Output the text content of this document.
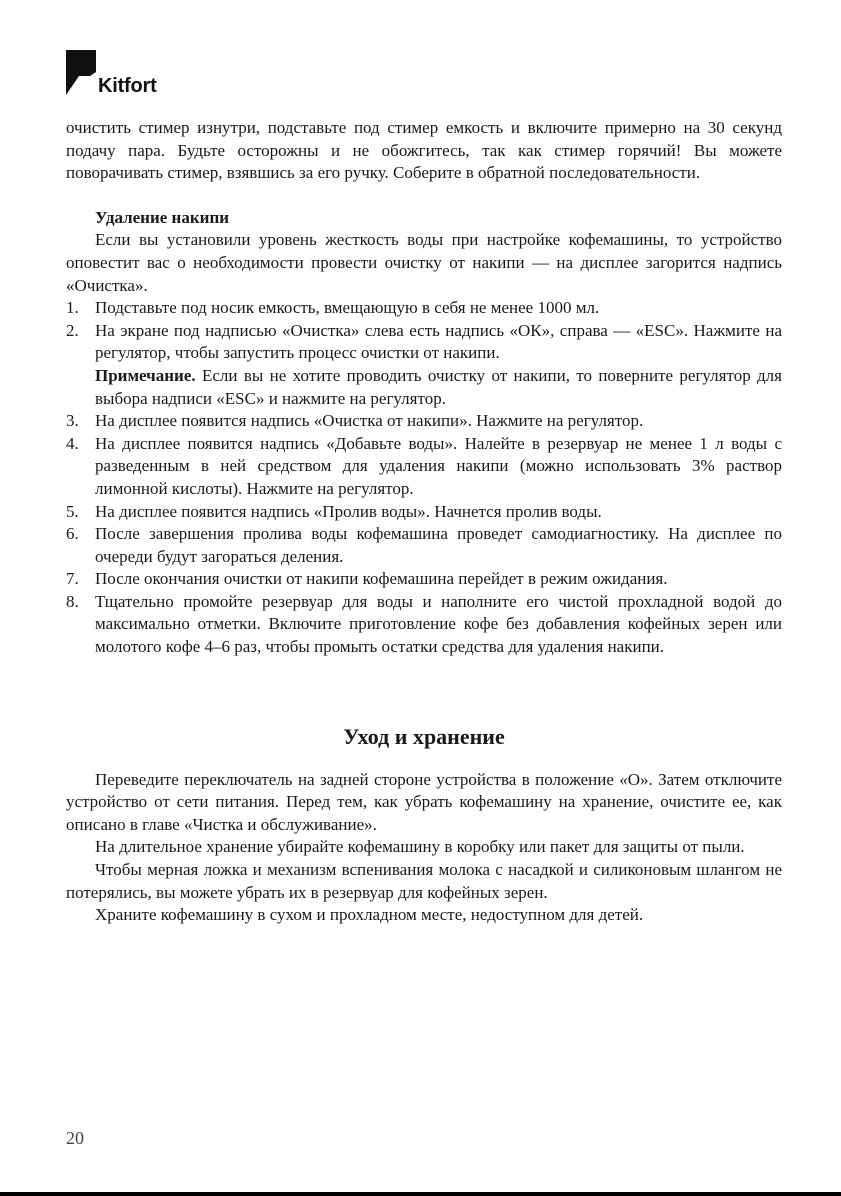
Kitfort

очистить стимер изнутри, подставьте под стимер емкость и включите примерно на 30 секунд подачу пара. Будьте осторожны и не обожгитесь, так как стимер горячий! Вы можете поворачивать стимер, взявшись за его ручку. Соберите в обратной последовательности.

Удаление накипи

Если вы установили уровень жесткость воды при настройке кофемашины, то устройство оповестит вас о необходимости провести очистку от накипи — на дисплее загорится надпись «Очистка».

1. Подставьте под носик емкость, вмещающую в себя не менее 1000 мл.
2. На экране под надписью «Очистка» слева есть надпись «ОК», справа — «ESC». Нажмите на регулятор, чтобы запустить процесс очистки от накипи.
Примечание. Если вы не хотите проводить очистку от накипи, то поверните регулятор для выбора надписи «ESC» и нажмите на регулятор.
3. На дисплее появится надпись «Очистка от накипи». Нажмите на регулятор.
4. На дисплее появится надпись «Добавьте воды». Налейте в резервуар не менее 1 л воды с разведенным в ней средством для удаления накипи (можно использовать 3% раствор лимонной кислоты). Нажмите на регулятор.
5. На дисплее появится надпись «Пролив воды». Начнется пролив воды.
6. После завершения пролива воды кофемашина проведет самодиагностику. На дисплее по очереди будут загораться деления.
7. После окончания очистки от накипи кофемашина перейдет в режим ожидания.
8. Тщательно промойте резервуар для воды и наполните его чистой прохладной водой до максимально отметки. Включите приготовление кофе без добавления кофейных зерен или молотого кофе 4–6 раз, чтобы промыть остатки средства для удаления накипи.
Уход и хранение

Переведите переключатель на задней стороне устройства в положение «О». Затем отключите устройство от сети питания. Перед тем, как убрать кофемашину на хранение, очистите ее, как описано в главе «Чистка и обслуживание».

На длительное хранение убирайте кофемашину в коробку или пакет для защиты от пыли.

Чтобы мерная ложка и механизм вспенивания молока с насадкой и силиконовым шлангом не потерялись, вы можете убрать их в резервуар для кофейных зерен.

Храните кофемашину в сухом и прохладном месте, недоступном для детей.

20
